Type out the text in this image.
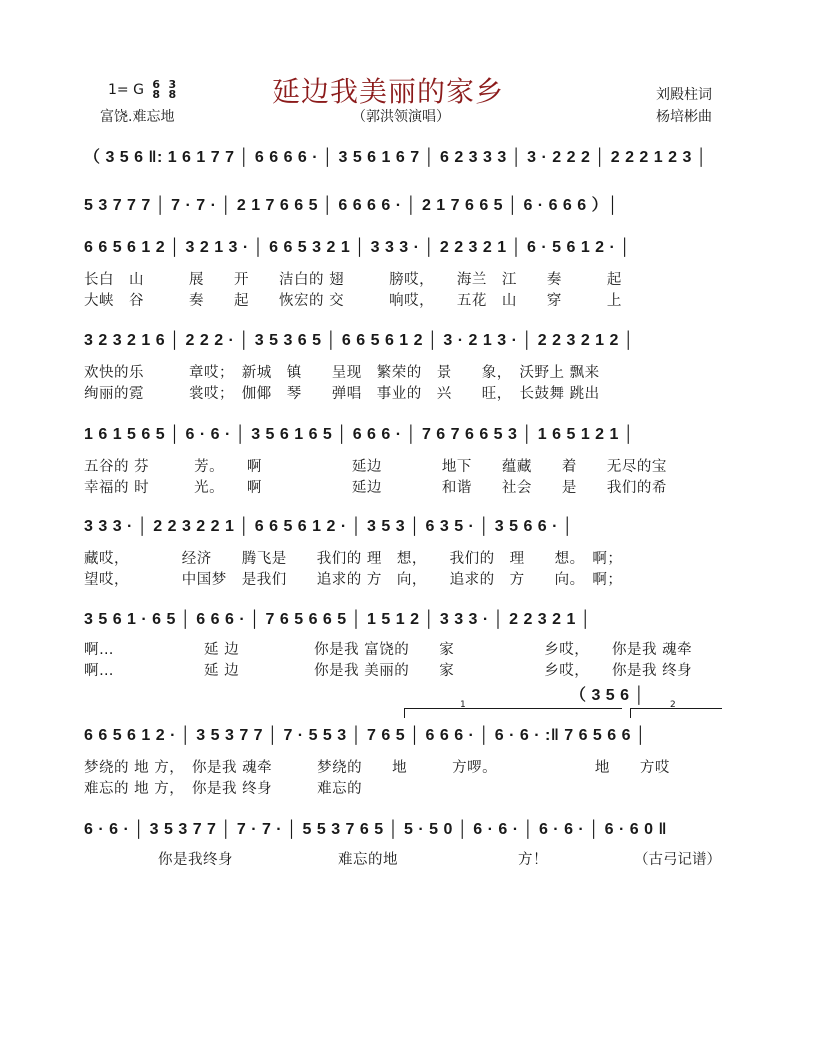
1= G 6
8

3
8
富饶.难忘地
延边我美丽的家乡
（郭洪领演唱）
刘殿柱词
杨培彬曲
（ 3 5 6 ‖: 1 6 1 7 7 │ 6 6 6 6 · │ 3 5 6 1 6 7 │ 6 2 3 3 3 │ 3 · 2 2 2 │ 2 2 2 1 2 3 │
5 3 7 7 7 │ 7 · 7 · │ 2 1 7 6 6 5 │ 6 6 6 6 · │ 2 1 7 6 6 5 │ 6 · 6 6 6 ）│
6 6 5 6 1 2 │ 3 2 1 3 · │ 6 6 5 3 2 1 │ 3 3 3 · │ 2 2 3 2 1 │ 6 · 5 6 1 2 · │
长白　山　　　展　　开　　洁白的 翅　　　膀哎，　　海兰　江　　奏　　　起
大峡　谷　　　奏　　起　　恢宏的 交　　　响哎，　　五花　山　　穿　　　上
3 2 3 2 1 6 │ 2 2 2 · │ 3 5 3 6 5 │ 6 6 5 6 1 2 │ 3 · 2 1 3 · │ 2 2 3 2 1 2 │
欢快的乐　　　章哎；　新城　镇　　呈现　繁荣的　景　　象，　沃野上 飘来
绚丽的霓　　　裳哎；　伽倻　琴　　弹唱　事业的　兴　　旺，　长鼓舞 跳出
1 6 1 5 6 5 │ 6 · 6 · │ 3 5 6 1 6 5 │ 6 6 6 · │ 7 6 7 6 6 5 3 │ 1 6 5 1 2 1 │
五谷的 芬　　　芳。　　啊　　　　　　延边　　　　地下　　蕴藏　　着　　无尽的宝
幸福的 时　　　光。　　啊　　　　　　延边　　　　和谐　　社会　　是　　我们的希
3 3 3 · │ 2 2 3 2 2 1 │ 6 6 5 6 1 2 · │ 3 5 3 │ 6 3 5 · │ 3 5 6 6 · │
藏哎，　　　　经济　　腾飞是　　我们的 理　想，　　我们的　理　　想。　啊；
望哎，　　　　中国梦　是我们　　追求的 方　向，　　追求的　方　　向。　啊；
3 5 6 1 · 6 5 │ 6 6 6 · │ 7 6 5 6 6 5 │ 1 5 1 2 │ 3 3 3 · │ 2 2 3 2 1 │
啊…　　　　　　延 边　　　　　你是我 富饶的　　家　　　　　　乡哎，　　你是我 魂牵
啊…　　　　　　延 边　　　　　你是我 美丽的　　家　　　　　　乡哎，　　你是我 终身
（ 3 5 6 │
1	2
6 6 5 6 1 2 · │ 3 5 3 7 7 │ 7 · 5 5 3 │ 7 6 5 │ 6 6 6 · │ 6 · 6 · :‖ 7 6 5 6 6 │
梦绕的 地 方，　你是我 魂牵　　　梦绕的　　地　　　方啰。　　　　　　　地　　方哎
难忘的 地 方，　你是我 终身　　　难忘的
6 · 6 · │ 3 5 3 7 7 │ 7 · 7 · │ 5 5 3 7 6 5 │ 5 · 5 0 │ 6 · 6 · │ 6 · 6 · │ 6 · 6 0 ‖
你是我终身　　　　　　　难忘的地　　　　　　　　方！	（古弓记谱）
